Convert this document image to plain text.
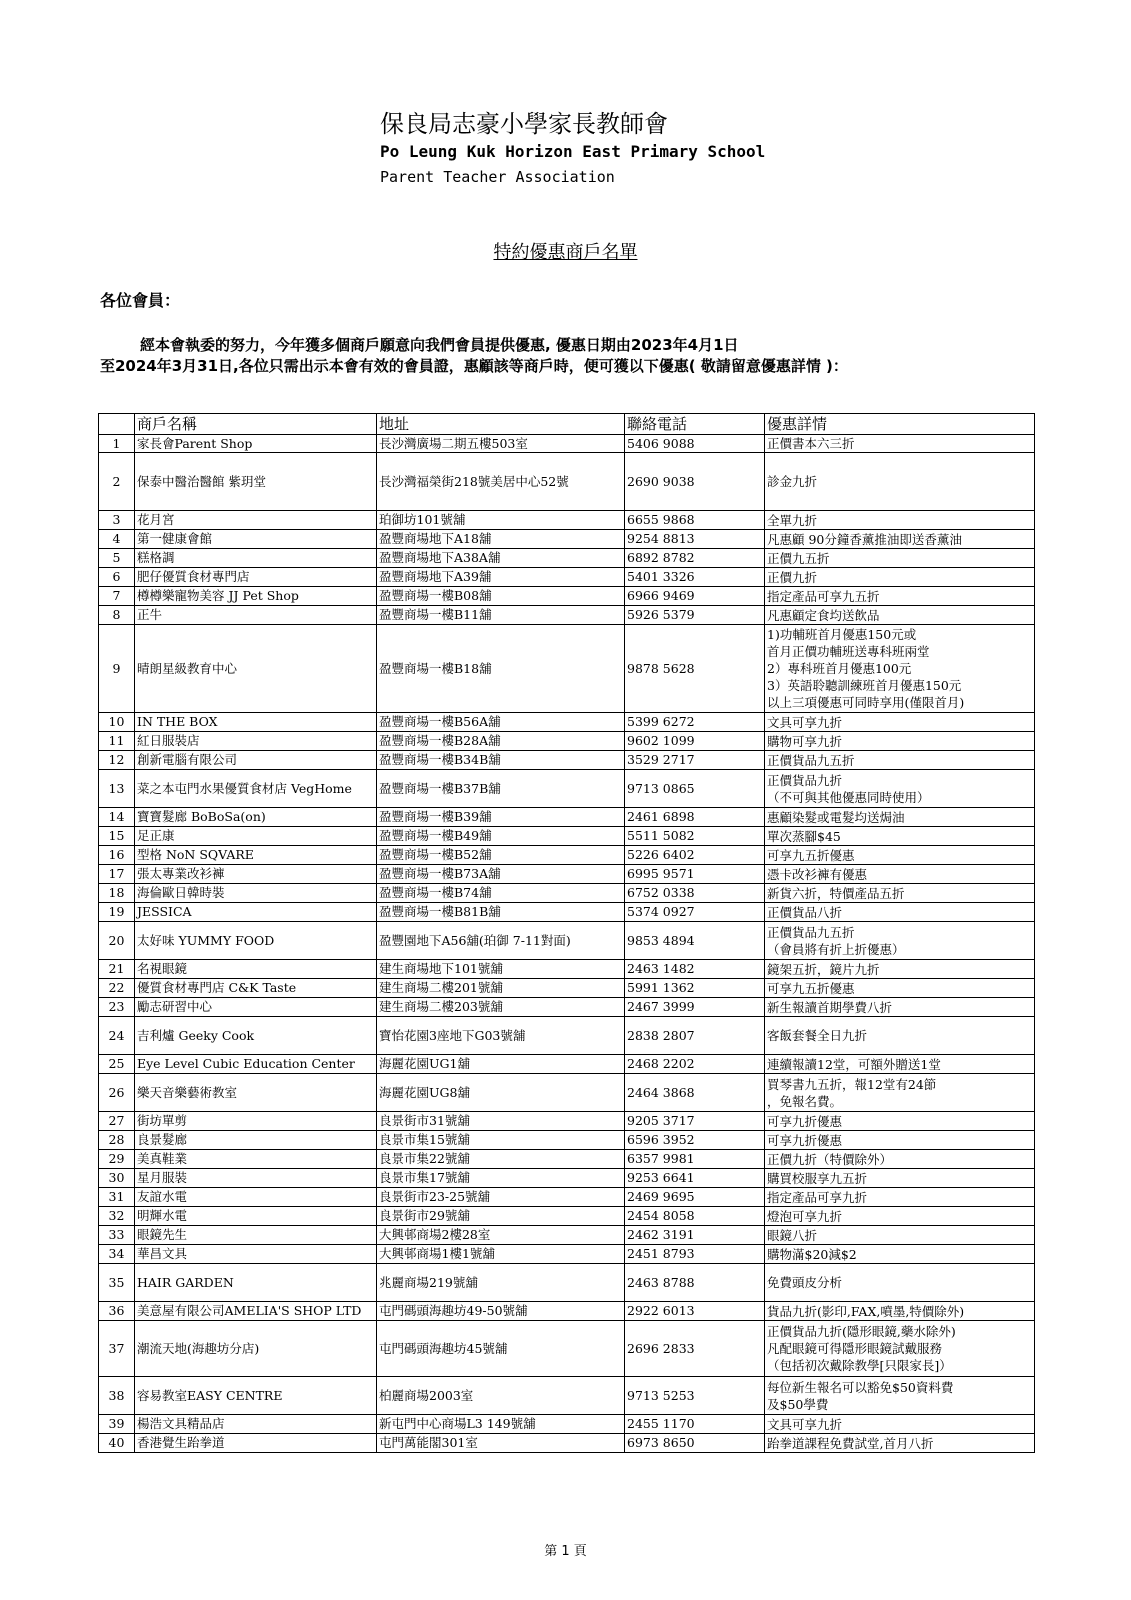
保良局志豪小學家長教師會
Po Leung Kuk Horizon East Primary School
Parent Teacher Association
特約優惠商戶名單
各位會員：
經本會執委的努力，今年獲多個商戶願意向我們會員提供優惠, 優惠日期由2023年4月1日
至2024年3月31日,各位只需出示本會有效的會員證，惠顧該等商戶時，便可獲以下優惠( 敬請留意優惠詳情 )：
	商戶名稱	地址	聯絡電話	優惠詳情
1	家長會Parent Shop	長沙灣廣場二期五樓503室	5406 9088	正價書本六三折
2	保泰中醫治醫館 紫玥堂	長沙灣福榮街218號美居中心52號	2690 9038	診金九折
3	花月宮	珀御坊101號舖	6655 9868	全單九折
4	第一健康會館	盈豐商場地下A18舖	9254 8813	凡惠顧 90分鐘香薰推油即送香薰油
5	糕格調	盈豐商場地下A38A舖	6892 8782	正價九五折
6	肥仔優質食材專門店	盈豐商場地下A39舖	5401 3326	正價九折
7	樽樽樂寵物美容 JJ Pet Shop	盈豐商場一樓B08舖	6966 9469	指定產品可享九五折
8	正牛	盈豐商場一樓B11舖	5926 5379	凡惠顧定食均送飲品
9	晴朗星級教育中心	盈豐商場一樓B18舖	9878 5628	1)功輔班首月優惠150元或
首月正價功輔班送專科班兩堂
2）專科班首月優惠100元
3）英語聆聽訓練班首月優惠150元
以上三項優惠可同時享用(僅限首月)
10	IN THE BOX	盈豐商場一樓B56A舖	5399 6272	文具可享九折
11	紅日服裝店	盈豐商場一樓B28A舖	9602 1099	購物可享九折
12	創新電腦有限公司	盈豐商場一樓B34B舖	3529 2717	正價貨品九五折
13	菜之本屯門水果優質食材店 VegHome	盈豐商場一樓B37B舖	9713 0865	正價貨品九折
（不可與其他優惠同時使用）
14	寶寶髮廊 BoBoSa(on)	盈豐商場一樓B39舖	2461 6898	惠顧染髮或電髮均送焗油
15	足正康	盈豐商場一樓B49舖	5511 5082	單次蒸腳$45
16	型格 NoN SQVARE	盈豐商場一樓B52舖	5226 6402	可享九五折優惠
17	張太專業改衫褲	盈豐商場一樓B73A舖	6995 9571	憑卡改衫褲有優惠
18	海倫歐日韓時裝	盈豐商場一樓B74舖	6752 0338	新貨六折，特價產品五折
19	JESSICA	盈豐商場一樓B81B舖	5374 0927	正價貨品八折
20	太好味 YUMMY FOOD	盈豐園地下A56舖(珀御 7-11對面)	9853 4894	正價貨品九五折
（會員將有折上折優惠）
21	名視眼鏡	建生商場地下101號舖	2463 1482	鏡架五折，鏡片九折
22	優質食材專門店 C&K Taste	建生商場二樓201號舖	5991 1362	可享九五折優惠
23	勵志研習中心	建生商場二樓203號舖	2467 3999	新生報讀首期學費八折
24	吉利爐 Geeky Cook	寶怡花園3座地下G03號舖	2838 2807	客飯套餐全日九折
25	Eye Level Cubic Education Center	海麗花園UG1舖	2468 2202	連續報讀12堂，可額外贈送1堂
26	樂天音樂藝術教室	海麗花園UG8舖	2464 3868	買琴書九五折，報12堂有24節
，免報名費。
27	街坊單剪	良景街市31號舖	9205 3717	可享九折優惠
28	良景髮廊	良景市集15號舖	6596 3952	可享九折優惠
29	美真鞋業	良景市集22號舖	6357 9981	正價九折（特價除外）
30	星月服裝	良景市集17號舖	9253 6641	購買校服享九五折
31	友誼水電	良景街市23-25號舖	2469 9695	指定產品可享九折
32	明輝水電	良景街市29號舖	2454 8058	燈泡可享九折
33	眼鏡先生	大興邨商場2樓28室	2462 3191	眼鏡八折
34	華昌文具	大興邨商場1樓1號舖	2451 8793	購物滿$20減$2
35	HAIR GARDEN	兆麗商場219號舖	2463 8788	免費頭皮分析
36	美意屋有限公司AMELIA'S SHOP LTD	屯門碼頭海趣坊49-50號舖	2922 6013	貨品九折(影印,FAX,噴墨,特價除外)
37	潮流天地(海趣坊分店)	屯門碼頭海趣坊45號舖	2696 2833	正價貨品九折(隱形眼鏡,藥水除外)
凡配眼鏡可得隱形眼鏡試戴服務
（包括初次戴除教學[只限家長]）
38	容易教室EASY CENTRE	柏麗商場2003室	9713 5253	每位新生報名可以豁免$50資料費
及$50學費
39	楊浩文具精品店	新屯門中心商場L3 149號舖	2455 1170	文具可享九折
40	香港覺生跆拳道	屯門萬能閣301室	6973 8650	跆拳道課程免費試堂,首月八折
第 1 頁
